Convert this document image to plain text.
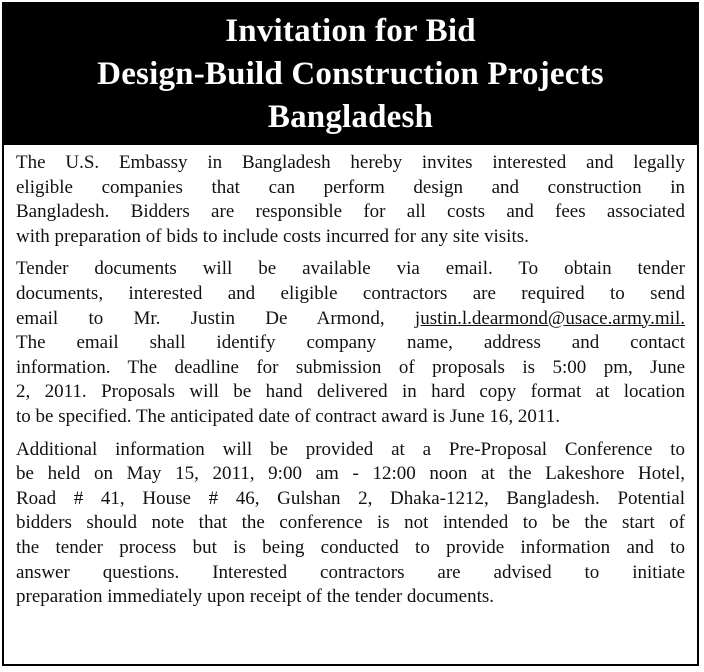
Invitation for Bid
Design-Build Construction Projects
Bangladesh
The U.S. Embassy in Bangladesh hereby invites interested and legally
eligible companies that can perform design and construction in
Bangladesh. Bidders are responsible for all costs and fees associated
with preparation of bids to include costs incurred for any site visits.
Tender documents will be available via email. To obtain tender
documents, interested and eligible contractors are required to send
email to Mr. Justin De Armond, justin.l.dearmond@usace.army.mil.
The email shall identify company name, address and contact
information. The deadline for submission of proposals is 5:00 pm, June
2, 2011. Proposals will be hand delivered in hard copy format at location
to be specified. The anticipated date of contract award is June 16, 2011.
Additional information will be provided at a Pre-Proposal Conference to
be held on May 15, 2011, 9:00 am - 12:00 noon at the Lakeshore Hotel,
Road # 41, House # 46, Gulshan 2, Dhaka-1212, Bangladesh. Potential
bidders should note that the conference is not intended to be the start of
the tender process but is being conducted to provide information and to
answer questions. Interested contractors are advised to initiate
preparation immediately upon receipt of the tender documents.
